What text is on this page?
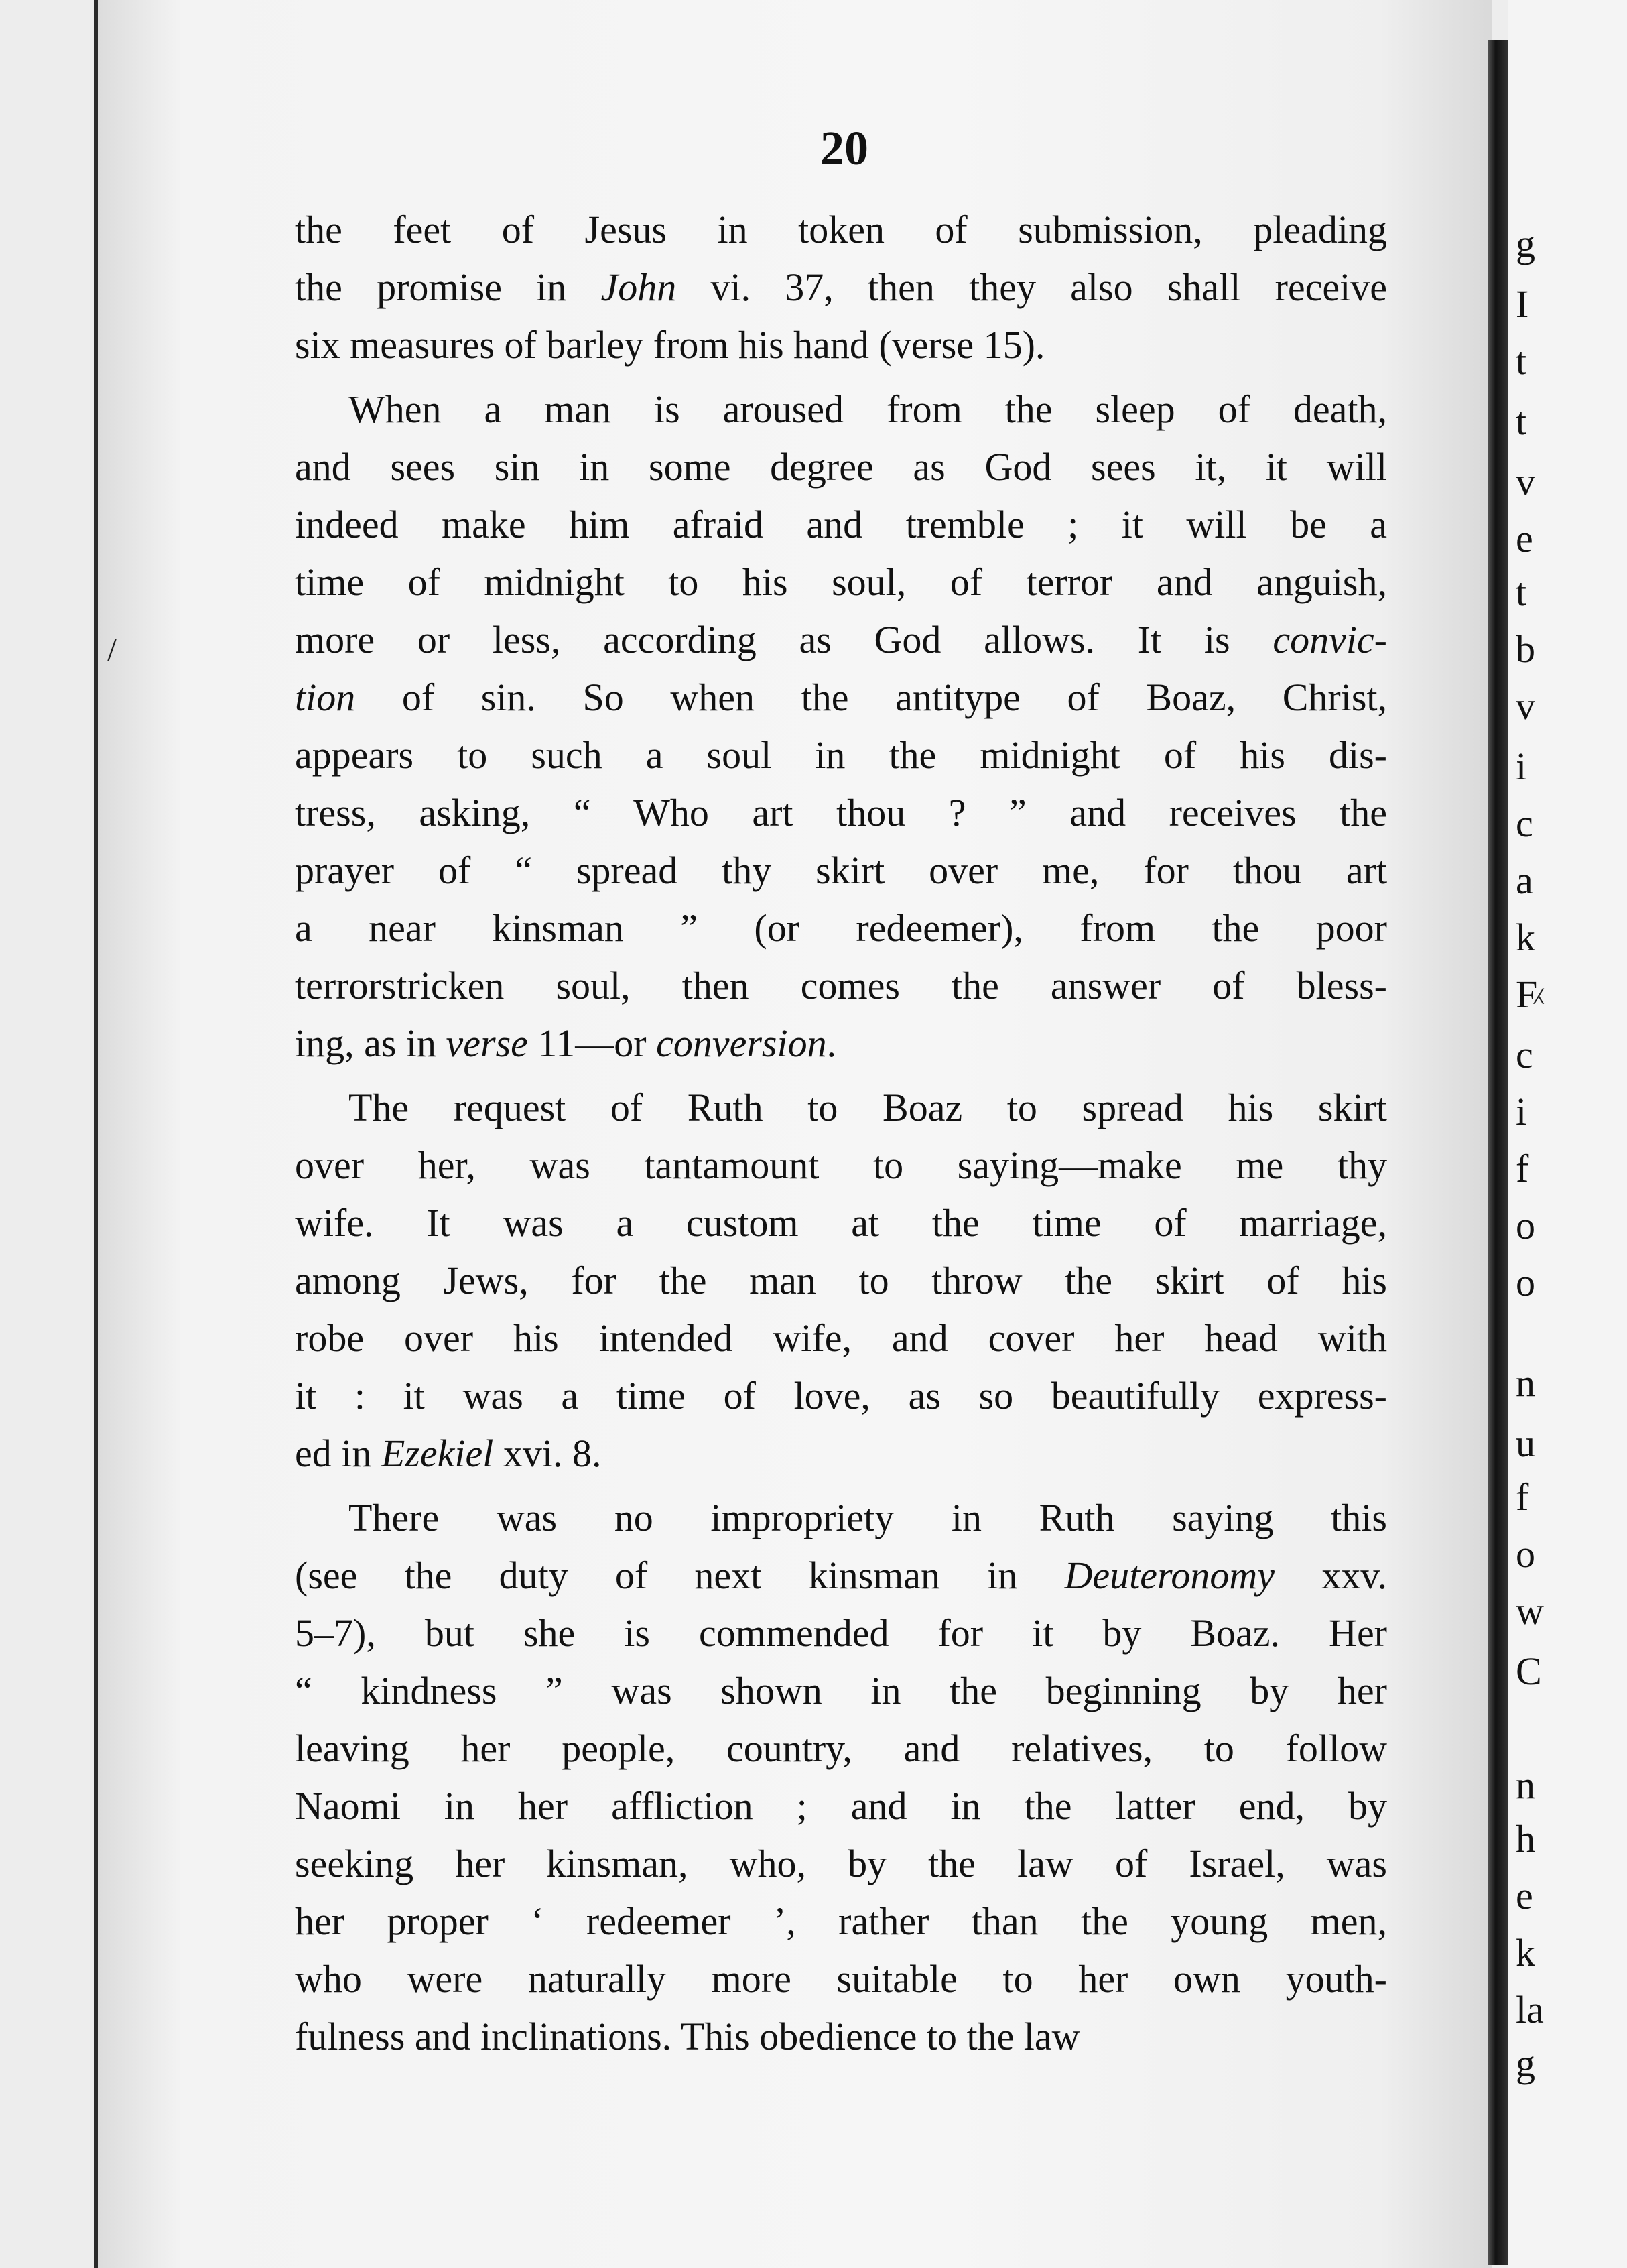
g
I
t
t
v
e
t
b
v
i
c
a
k
F
c
i
f
o
o
n
u
f
o
w
C
n
h
e
k
la
g
20
the feet of Jesus in token of submission, pleading
the promise in John vi. 37, then they also shall receive
six measures of barley from his hand (verse 15).
When a man is aroused from the sleep of death,
and sees sin in some degree as God sees it, it will
indeed make him afraid and tremble ; it will be a
time of midnight to his soul, of terror and anguish,
more or less, according as God allows. It is convic-
tion of sin. So when the antitype of Boaz, Christ,
appears to such a soul in the midnight of his dis-
tress, asking, “ Who art thou ? ” and receives the
prayer of “ spread thy skirt over me, for thou art
a near kinsman ” (or redeemer), from the poor
terrorstricken soul, then comes the answer of bless-
ing, as in verse 11—or conversion.
The request of Ruth to Boaz to spread his skirt
over her, was tantamount to saying—make me thy
wife. It was a custom at the time of marriage,
among Jews, for the man to throw the skirt of his
robe over his intended wife, and cover her head with
it : it was a time of love, as so beautifully express-
ed in Ezekiel xvi. 8.
There was no impropriety in Ruth saying this
(see the duty of next kinsman in Deuteronomy xxv.
5–7), but she is commended for it by Boaz. Her
“ kindness ” was shown in the beginning by her
leaving her people, country, and relatives, to follow
Naomi in her affliction ; and in the latter end, by
seeking her kinsman, who, by the law of Israel, was
her proper ‘ redeemer ’, rather than the young men,
who were naturally more suitable to her own youth-
fulness and inclinations. This obedience to the law
/
⁁
